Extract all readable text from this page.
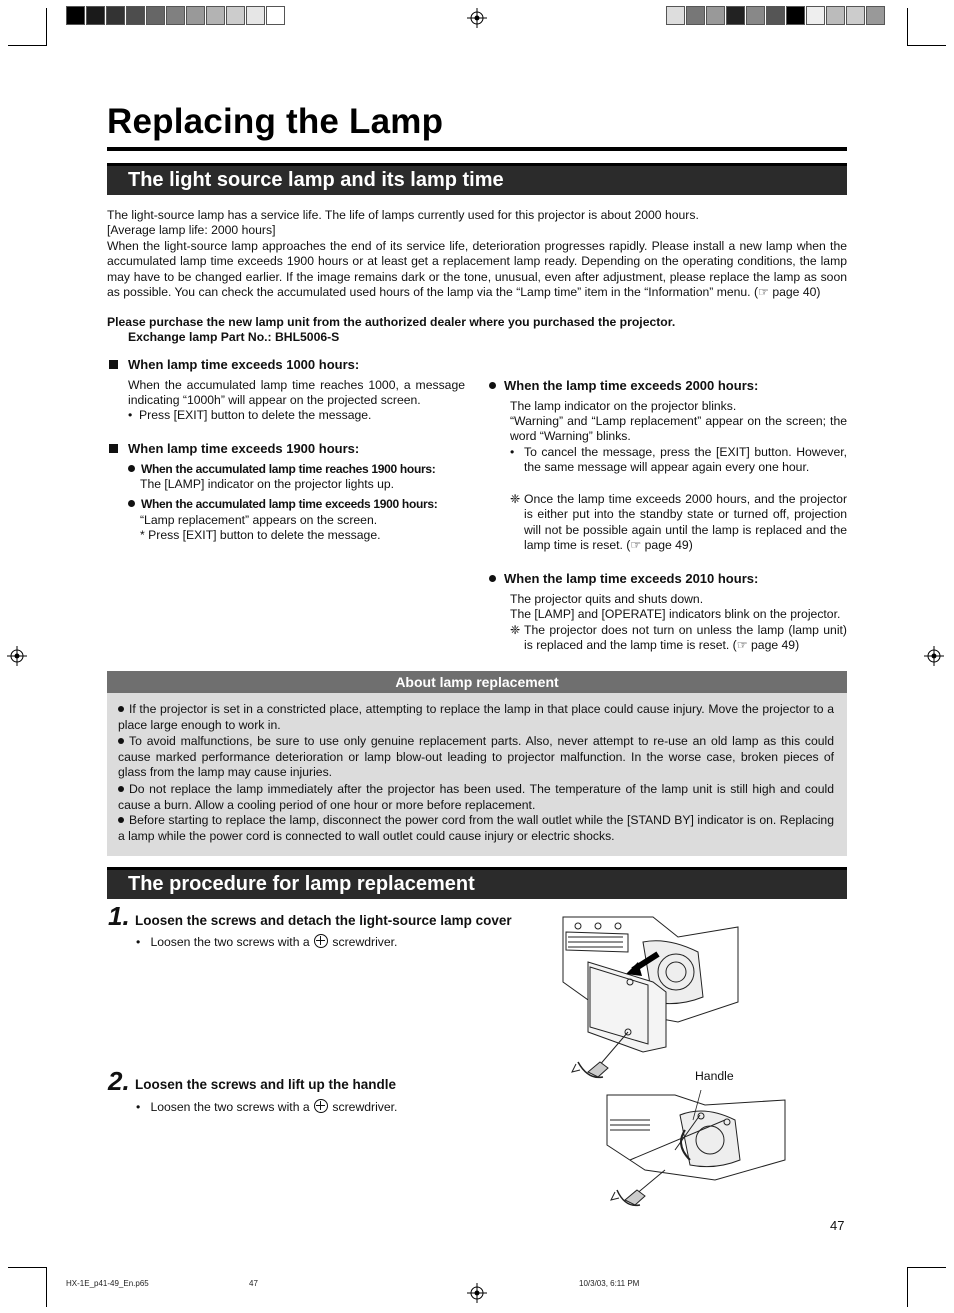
Replacing the Lamp
The light source lamp and its lamp time

The light-source lamp has a service life. The life of lamps currently used for this projector is about 2000 hours.

[Average lamp life: 2000 hours]

When the light-source lamp approaches the end of its service life, deterioration progresses rapidly. Please install a new lamp when the accumulated lamp time exceeds 1900 hours or at least get a replacement lamp ready. Depending on the operating conditions, the lamp may have to be changed earlier. If the image remains dark or the tone, unusual, even after adjustment, please replace the lamp as soon as possible. You can check the accumulated used hours of the lamp via the “Lamp time” item in the “Information” menu. (☞ page 40)

Please purchase the new lamp unit from the authorized dealer where you purchased the projector.

Exchange lamp Part No.: BHL5006-S

When lamp time exceeds 1000 hours:

When the accumulated lamp time reaches 1000, a message indicating “1000h” will appear on the projected screen.

•  Press [EXIT] button to delete the message.

When lamp time exceeds 1900 hours:

When the accumulated lamp time reaches 1900 hours:

The [LAMP] indicator on the projector lights up.

When the accumulated lamp time exceeds 1900 hours:

“Lamp replacement” appears on the screen.

* Press [EXIT] button to delete the message.

When the lamp time exceeds 2000 hours:

The lamp indicator on the projector blinks.

“Warning” and “Lamp replacement” appear on the screen; the word “Warning” blinks.

• To cancel the message, press the [EXIT] button. However, the same message will appear again every one hour.

❈ Once the lamp time exceeds 2000 hours, and the projector is either put into the standby state or turned off, projection will not be possible again until the lamp is replaced and the lamp time is reset. (☞ page 49)

When the lamp time exceeds 2010 hours:

The projector quits and shuts down.

The [LAMP] and [OPERATE] indicators blink on the projector.

❈ The projector does not turn on unless the lamp (lamp unit) is replaced and the lamp time is reset. (☞ page 49)

About lamp replacement
If the projector is set in a constricted place, attempting to replace the lamp in that place could cause injury. Move the projector to a place large enough to work in.
To avoid malfunctions, be sure to use only genuine replacement parts. Also, never attempt to re-use an old lamp as this could cause marked performance deterioration or lamp blow-out leading to projector malfunction. In the worse case, broken pieces of glass from the lamp may cause injuries.
Do not replace the lamp immediately after the projector has been used. The temperature of the lamp unit is still high and could cause a burn. Allow a cooling period of one hour or more before replacement.
Before starting to replace the lamp, disconnect the power cord from the wall outlet while the [STAND BY] indicator is on. Replacing a lamp while the power cord is connected to wall outlet could cause injury or electric shocks.
The procedure for lamp replacement
1. Loosen the screws and detach the light-source lamp cover

•   Loosen the two screws with a screwdriver.

2. Loosen the screws and lift up the handle

•   Loosen the two screws with a screwdriver.

Handle

47

HX-1E_p41-49_En.p65	47	10/3/03, 6:11 PM
